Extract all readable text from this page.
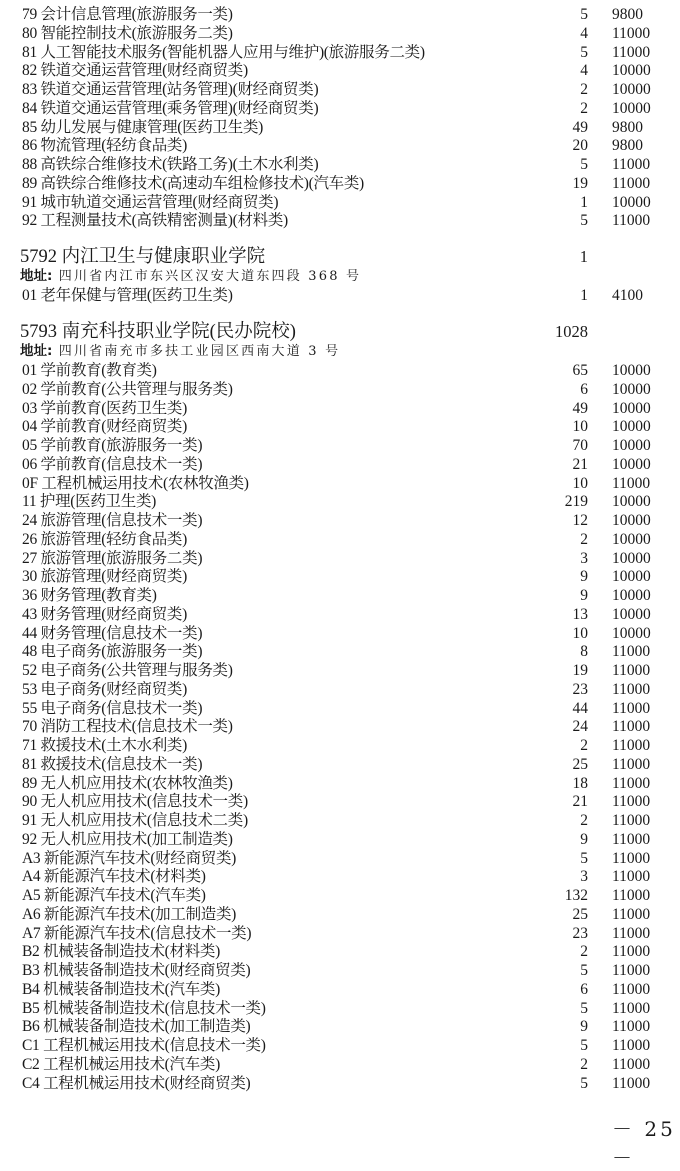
79 会计信息管理(旅游服务一类)	5 9800
80 智能控制技术(旅游服务二类)	4 11000
81 人工智能技术服务(智能机器人应用与维护)(旅游服务二类)	5 11000
82 铁道交通运营管理(财经商贸类)	4 10000
83 铁道交通运营管理(站务管理)(财经商贸类)	2 10000
84 铁道交通运营管理(乘务管理)(财经商贸类)	2 10000
85 幼儿发展与健康管理(医药卫生类)	49 9800
86 物流管理(轻纺食品类)	20 9800
88 高铁综合维修技术(铁路工务)(土木水利类)	5 11000
89 高铁综合维修技术(高速动车组检修技术)(汽车类)	19 11000
91 城市轨道交通运营管理(财经商贸类)	1 10000
92 工程测量技术(高铁精密测量)(材料类)	5 11000
5792 内江卫生与健康职业学院	1
地址: 四川省内江市东兴区汉安大道东四段 368 号
01 老年保健与管理(医药卫生类)	1 4100
5793 南充科技职业学院(民办院校)	1028
地址: 四川省南充市多扶工业园区西南大道 3 号
01 学前教育(教育类)	65 10000
02 学前教育(公共管理与服务类)	6 10000
03 学前教育(医药卫生类)	49 10000
04 学前教育(财经商贸类)	10 10000
05 学前教育(旅游服务一类)	70 10000
06 学前教育(信息技术一类)	21 10000
0F 工程机械运用技术(农林牧渔类)	10 11000
11 护理(医药卫生类)	219 10000
24 旅游管理(信息技术一类)	12 10000
26 旅游管理(轻纺食品类)	2 10000
27 旅游管理(旅游服务二类)	3 10000
30 旅游管理(财经商贸类)	9 10000
36 财务管理(教育类)	9 10000
43 财务管理(财经商贸类)	13 10000
44 财务管理(信息技术一类)	10 10000
48 电子商务(旅游服务一类)	8 11000
52 电子商务(公共管理与服务类)	19 11000
53 电子商务(财经商贸类)	23 11000
55 电子商务(信息技术一类)	44 11000
70 消防工程技术(信息技术一类)	24 11000
71 救援技术(土木水利类)	2 11000
81 救援技术(信息技术一类)	25 11000
89 无人机应用技术(农林牧渔类)	18 11000
90 无人机应用技术(信息技术一类)	21 11000
91 无人机应用技术(信息技术二类)	2 11000
92 无人机应用技术(加工制造类)	9 11000
A3 新能源汽车技术(财经商贸类)	5 11000
A4 新能源汽车技术(材料类)	3 11000
A5 新能源汽车技术(汽车类)	132 11000
A6 新能源汽车技术(加工制造类)	25 11000
A7 新能源汽车技术(信息技术一类)	23 11000
B2 机械装备制造技术(材料类)	2 11000
B3 机械装备制造技术(财经商贸类)	5 11000
B4 机械装备制造技术(汽车类)	6 11000
B5 机械装备制造技术(信息技术一类)	5 11000
B6 机械装备制造技术(加工制造类)	9 11000
C1 工程机械运用技术(信息技术一类)	5 11000
C2 工程机械运用技术(汽车类)	2 11000
C4 工程机械运用技术(财经商贸类)	5 11000
－ 25 －
